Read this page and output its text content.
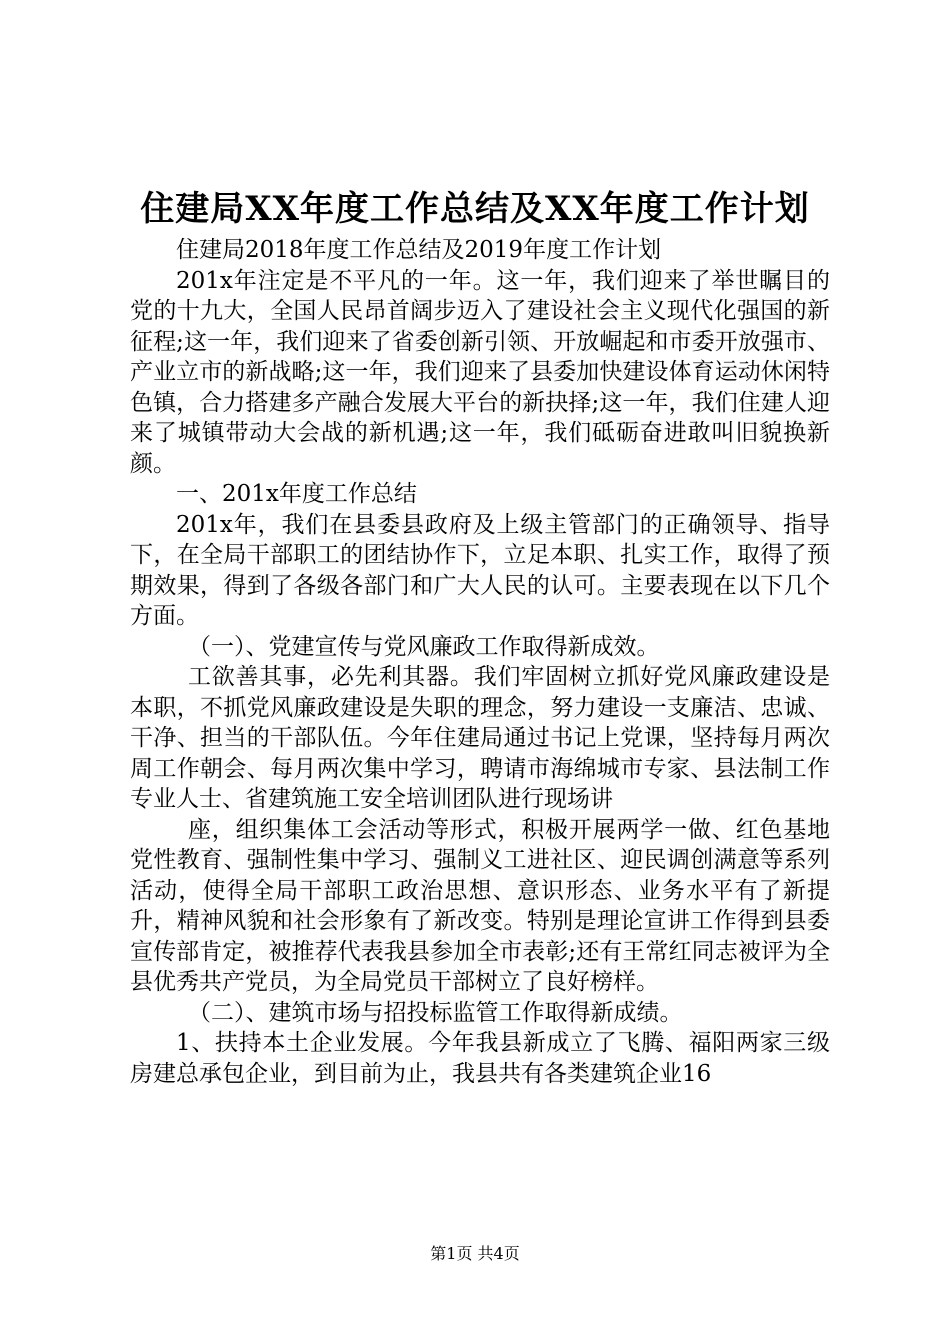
住建局XX年度工作总结及XX年度工作计划

住建局2018年度工作总结及2019年度工作计划

201x年注定是不平凡的一年。这一年，我们迎来了举世瞩目的党的十九大，全国人民昂首阔步迈入了建设社会主义现代化强国的新征程;这一年，我们迎来了省委创新引领、开放崛起和市委开放强市、产业立市的新战略;这一年，我们迎来了县委加快建设体育运动休闲特色镇，合力搭建多产融合发展大平台的新抉择;这一年，我们住建人迎来了城镇带动大会战的新机遇;这一年，我们砥砺奋进敢叫旧貌换新颜。

一、201x年度工作总结

201x年，我们在县委县政府及上级主管部门的正确领导、指导下，在全局干部职工的团结协作下，立足本职、扎实工作，取得了预期效果，得到了各级各部门和广大人民的认可。主要表现在以下几个方面。

（一）、党建宣传与党风廉政工作取得新成效。

工欲善其事，必先利其器。我们牢固树立抓好党风廉政建设是本职，不抓党风廉政建设是失职的理念，努力建设一支廉洁、忠诚、干净、担当的干部队伍。今年住建局通过书记上党课，坚持每月两次周工作朝会、每月两次集中学习，聘请市海绵城市专家、县法制工作专业人士、省建筑施工安全培训团队进行现场讲

座，组织集体工会活动等形式，积极开展两学一做、红色基地党性教育、强制性集中学习、强制义工进社区、迎民调创满意等系列活动，使得全局干部职工政治思想、意识形态、业务水平有了新提升，精神风貌和社会形象有了新改变。特别是理论宣讲工作得到县委宣传部肯定，被推荐代表我县参加全市表彰;还有王常红同志被评为全县优秀共产党员，为全局党员干部树立了良好榜样。

（二）、建筑市场与招投标监管工作取得新成绩。

1、扶持本土企业发展。今年我县新成立了飞腾、福阳两家三级房建总承包企业，到目前为止，我县共有各类建筑企业16

第1页 共4页
